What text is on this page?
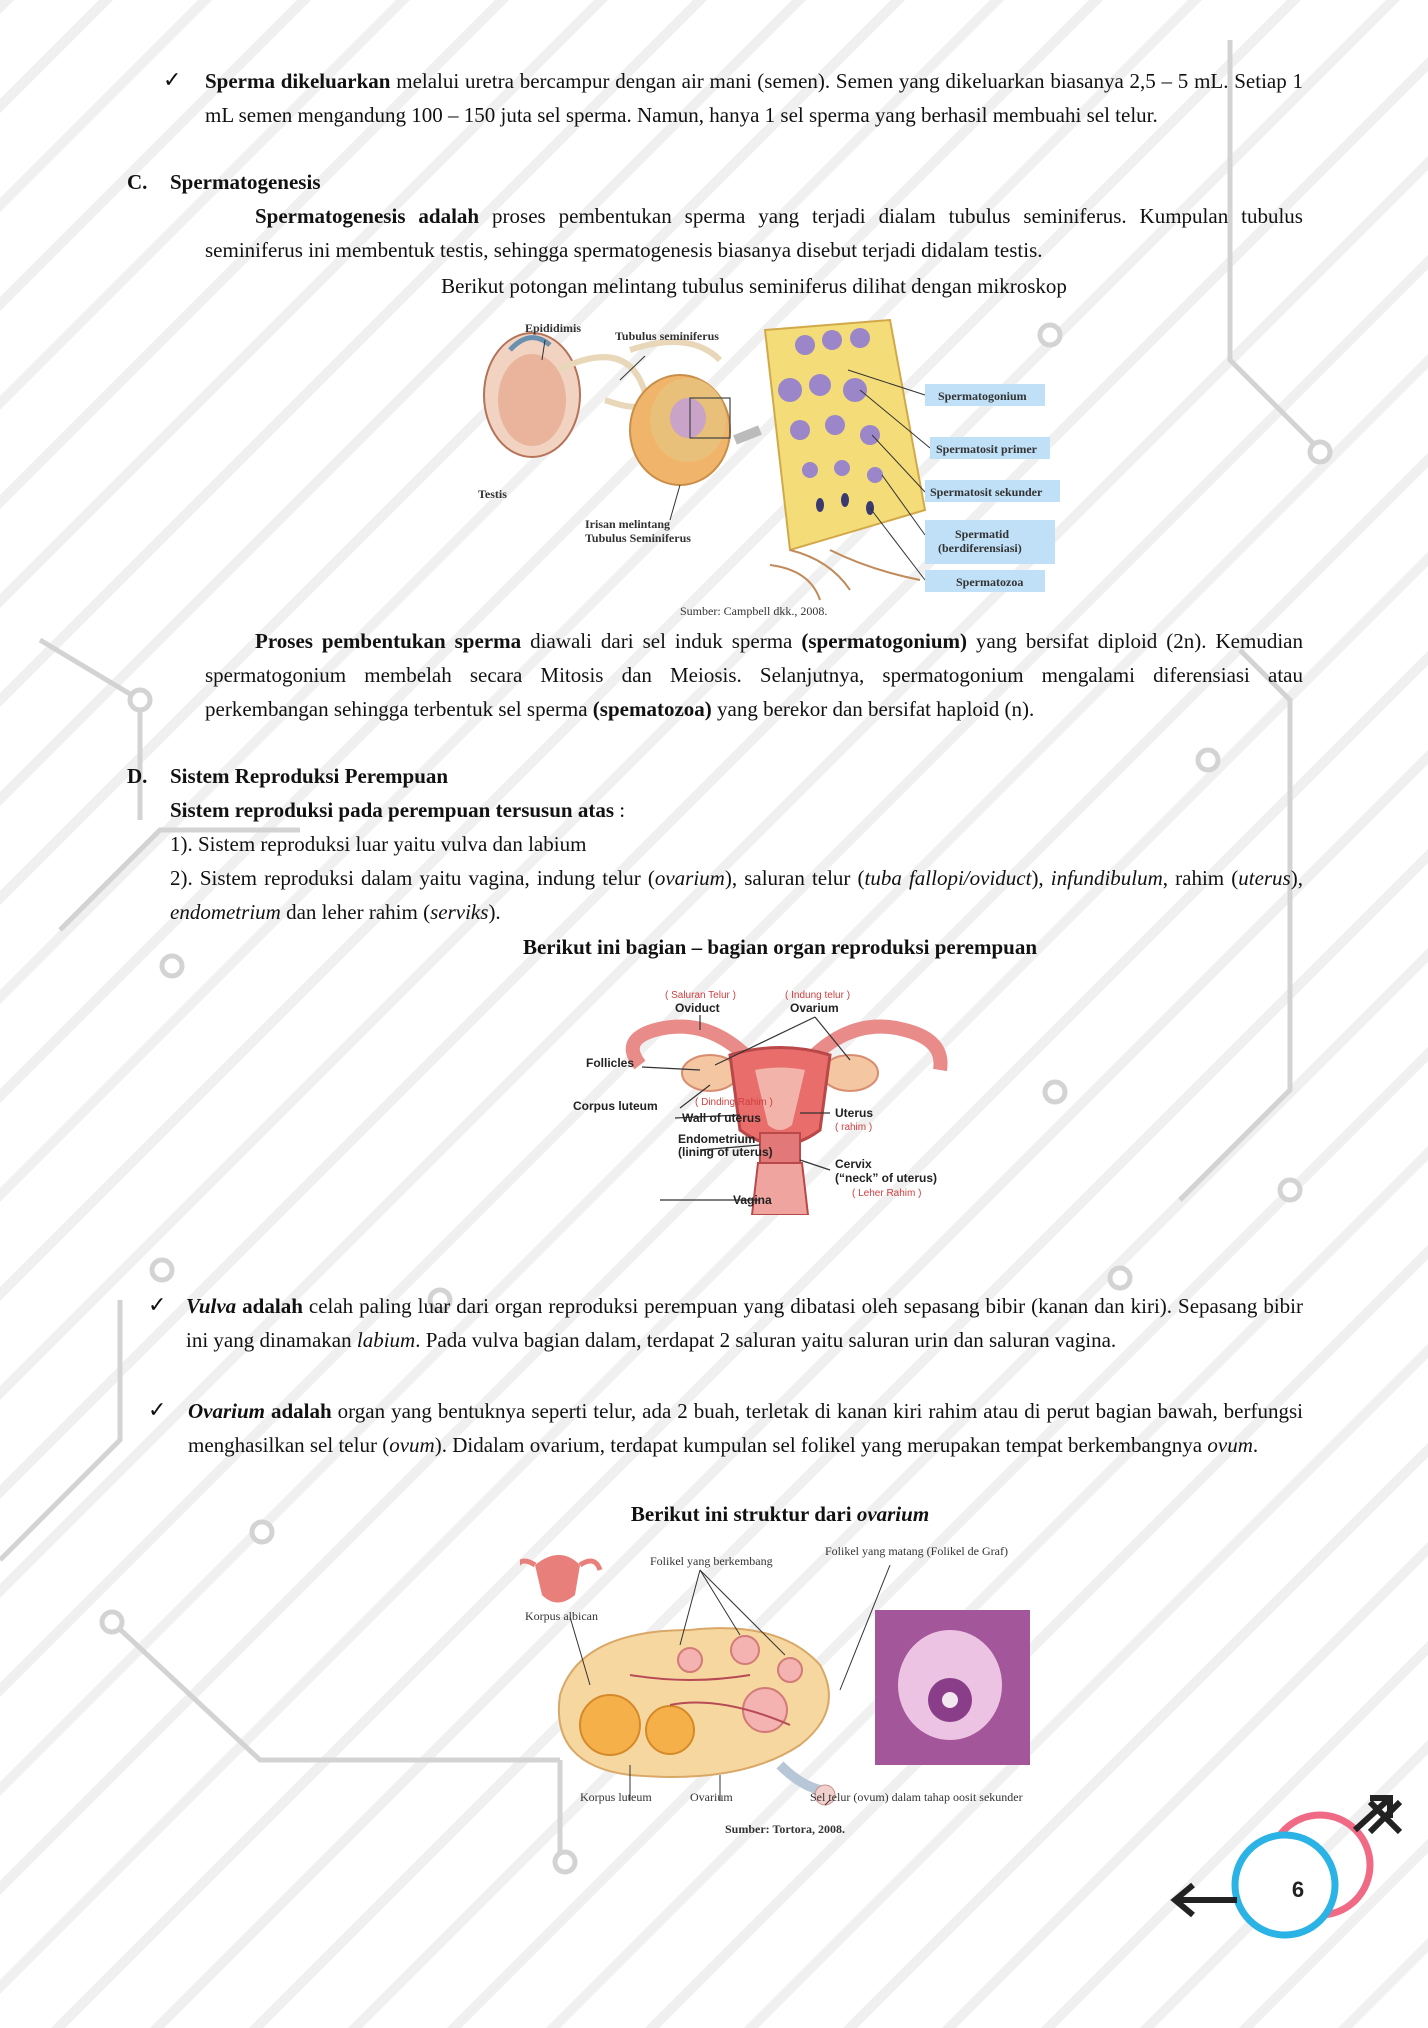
✓	Sperma dikeluarkan melalui uretra bercampur dengan air mani (semen). Semen yang dikeluarkan biasanya 2,5 – 5 mL. Setiap 1 mL semen mengandung 100 – 150 juta sel sperma. Namun, hanya 1 sel sperma yang berhasil membuahi sel telur.
C. Spermatogenesis
Spermatogenesis adalah proses pembentukan sperma yang terjadi dialam tubulus seminiferus. Kumpulan tubulus seminiferus ini membentuk testis, sehingga spermatogenesis biasanya disebut terjadi didalam testis.
Berikut potongan melintang tubulus seminiferus dilihat dengan mikroskop
Epididimis
Tubulus seminiferus
Testis
Irisan melintang
Tubulus Seminiferus
Spermatogonium
Spermatosit primer
Spermatosit sekunder
Spermatid
(berdiferensiasi)
Spermatozoa
Sumber: Campbell dkk., 2008.
Proses pembentukan sperma diawali dari sel induk sperma (spermatogonium) yang bersifat diploid (2n). Kemudian spermatogonium membelah secara Mitosis dan Meiosis. Selanjutnya, spermatogonium mengalami diferensiasi atau perkembangan sehingga terbentuk sel sperma (spematozoa) yang berekor dan bersifat haploid (n).
D. Sistem Reproduksi Perempuan
Sistem reproduksi pada perempuan tersusun atas :
1). Sistem reproduksi luar yaitu vulva dan labium
2). Sistem reproduksi dalam yaitu vagina, indung telur (ovarium), saluran telur (tuba fallopi/oviduct), infundibulum, rahim (uterus), endometrium dan leher rahim (serviks).
Berikut ini bagian – bagian organ reproduksi perempuan
( Saluran Telur )
Oviduct
( Indung telur )
Ovarium
Follicles
Corpus luteum	( Dinding Rahim )
Wall of uterus
Endometrium
(lining of uterus)
Vagina
Uterus
( rahim )
Cervix
(“neck” of uterus)
( Leher Rahim )
✓ Vulva adalah celah paling luar dari organ reproduksi perempuan yang dibatasi oleh sepasang bibir (kanan dan kiri). Sepasang bibir ini yang dinamakan labium. Pada vulva bagian dalam, terdapat 2 saluran yaitu saluran urin dan saluran vagina.
✓	Ovarium adalah organ yang bentuknya seperti telur, ada 2 buah, terletak di kanan kiri rahim atau di perut bagian bawah, berfungsi menghasilkan sel telur (ovum). Didalam ovarium, terdapat kumpulan sel folikel yang merupakan tempat berkembangnya ovum.
Berikut ini struktur dari ovarium
Folikel yang berkembang
Folikel yang matang (Folikel de Graf)
Korpus albican
Korpus luteum	Ovarium	Sel telur (ovum) dalam tahap oosit sekunder
Sumber: Tortora, 2008.
6
